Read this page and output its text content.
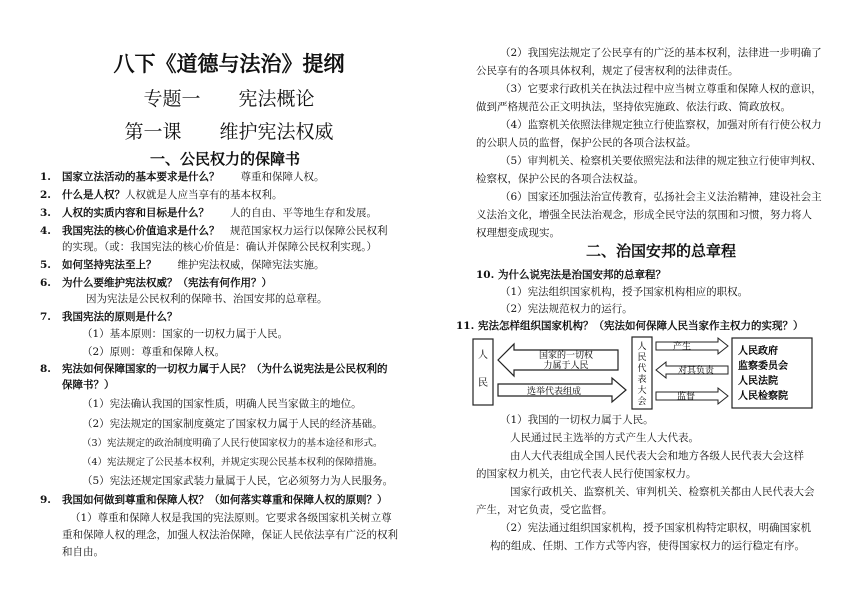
八下《道德与法治》提纲
专题一　　宪法概论
第一课　　维护宪法权威
一、公民权力的保障书
1. 国家立法活动的基本要求是什么？　　 尊重和保障人权。
2. 什么是人权？人权就是人应当享有的基本权利。
3. 人权的实质内容和目标是什么？　　 人的自由、平等地生存和发展。
4. 我国宪法的核心价值追求是什么？　 规范国家权力运行以保障公民权利
的实现。（或：我国宪法的核心价值是：确认并保障公民权利实现。）
5. 如何坚持宪法至上？　　 维护宪法权威，保障宪法实施。
6. 为什么要维护宪法权威？（宪法有何作用？）
因为宪法是公民权利的保障书、治国安邦的总章程。
7. 我国宪法的原则是什么？
（1）基本原则：国家的一切权力属于人民。
（2）原则：尊重和保障人权。
8. 宪法如何保障国家的一切权力属于人民？（为什么说宪法是公民权利的
保障书？）
（1）宪法确认我国的国家性质，明确人民当家做主的地位。
（2）宪法规定的国家制度奠定了国家权力属于人民的经济基础。
（3）宪法规定的政治制度明确了人民行使国家权力的基本途径和形式。
（4）宪法规定了公民基本权利，并规定实现公民基本权利的保障措施。
（5）宪法还规定国家武装力量属于人民，它必须努力为人民服务。
9. 我国如何做到尊重和保障人权？（如何落实尊重和保障人权的原则？）
（1）尊重和保障人权是我国的宪法原则。它要求各级国家机关树立尊
重和保障人权的理念，加强人权法治保障，保证人民依法享有广泛的权利
和自由。
（2）我国宪法规定了公民享有的广泛的基本权利，法律进一步明确了
公民享有的各项具体权利，规定了侵害权利的法律责任。
（3）它要求行政机关在执法过程中应当树立尊重和保障人权的意识，
做到严格规范公正文明执法，坚持依宪施政、依法行政、简政放权。
（4）监察机关依照法律规定独立行使监察权，加强对所有行使公权力
的公职人员的监督，保护公民的各项合法权益。
（5）审判机关、检察机关要依照宪法和法律的规定独立行使审判权、
检察权，保护公民的各项合法权益。
（6）国家还加强法治宣传教育，弘扬社会主义法治精神，建设社会主
义法治文化，增强全民法治观念，形成全民守法的氛围和习惯，努力将人
权理想变成现实。
二、治国安邦的总章程
10. 为什么说宪法是治国安邦的总章程？
（1）宪法组织国家机构，授予国家机构相应的职权。
（2）宪法规范权力的运行。
11. 宪法怎样组织国家机构？（宪法如何保障人民当家作主权力的实现？）
人
民
国家的一切权
力属于人民
选举代表组成
人
民
代
表
大
会
产生
对其负责
监督
人民政府
监察委员会
人民法院
人民检察院
（1）我国的一切权力属于人民。
人民通过民主选举的方式产生人大代表。
由人大代表组成全国人民代表大会和地方各级人民代表大会这样
的国家权力机关，由它代表人民行使国家权力。
国家行政机关、监察机关、审判机关、检察机关都由人民代表大会
产生，对它负责，受它监督。
（2）宪法通过组织国家机构，授予国家机构特定职权，明确国家机
构的组成、任期、工作方式等内容，使得国家权力的运行稳定有序。
